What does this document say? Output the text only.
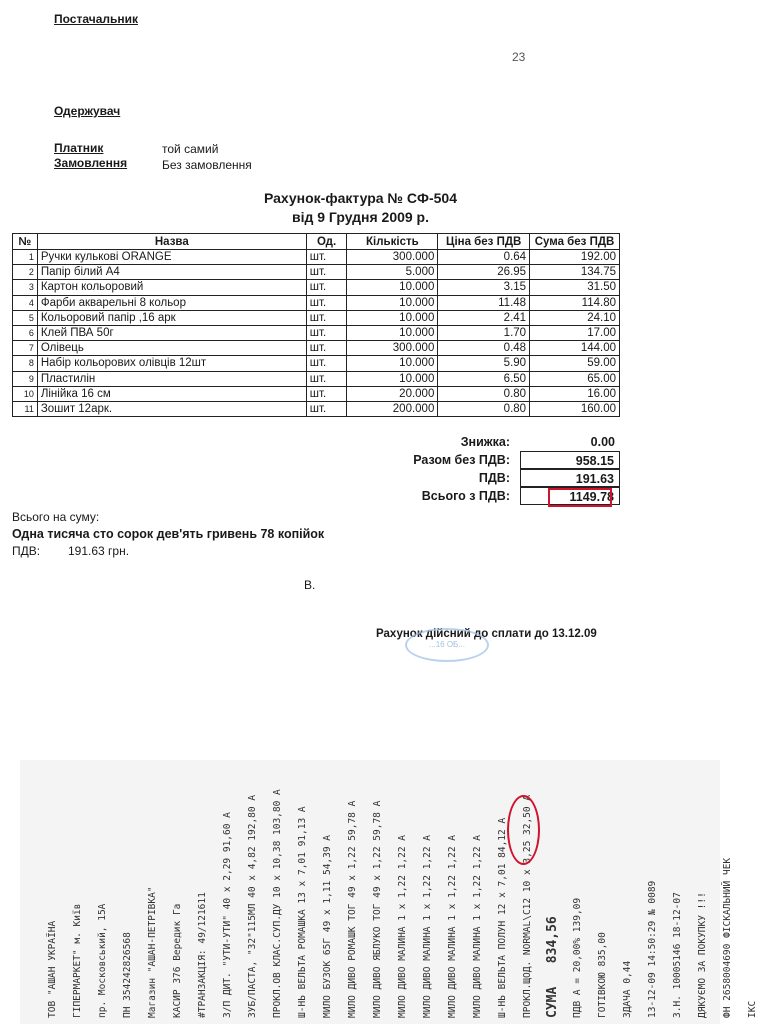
Постачальник
23
Одержувач
Платник	той самий
Замовлення	Без замовлення
Рахунок-фактура № СФ-504
від 9 Грудня 2009 р.
№	Назва	Од.	Кількість	Ціна без ПДВ	Сума без ПДВ
1	Ручки кулькові ORANGE	шт.	300.000	0.64	192.00
2	Папір білий А4	шт.	5.000	26.95	134.75
3	Картон кольоровий	шт.	10.000	3.15	31.50
4	Фарби акварельні 8 кольор	шт.	10.000	11.48	114.80
5	Кольоровий папір ,16 арк	шт.	10.000	2.41	24.10
6	Клей ПВА 50г	шт.	10.000	1.70	17.00
7	Олівець	шт.	300.000	0.48	144.00
8	Набір кольорових олівців 12шт	шт.	10.000	5.90	59.00
9	Пластилін	шт.	10.000	6.50	65.00
10	Лінійка 16 см	шт.	20.000	0.80	16.00
11	Зошит 12арк.	шт.	200.000	0.80	160.00
Знижка:	0.00
Разом без ПДВ:	958.15
ПДВ:	191.63
Всього з ПДВ:	1149.78
Всього на суму:
Одна тисяча сто сорок дев'ять гривень 78 копійок
ПДВ: 191.63 грн.
В.
Рахунок дійсний до сплати до 13.12.09
...16 ОБ...
ТОВ "АШАН УКРАЇНА	ГІПЕРМАРКЕТ" м. Київ	пр. Московський, 15А	ПН 354242826568	Магазин "АШАН-ПЕТРІВКА"	КАСИР 376 Вередик Га	#ТРАНЗАКЦІЯ: 49/121611	З/П ДИТ. "УТИ-УТИ" 40 x 2,29 91,60 А	ЗУБ/ПАСТА, "32"115МЛ 40 x 4,82 192,80 А	ПРОКЛ.ОВ КЛАС.СУП.ДУ 10 x 10,38 103,80 А	Ш-НЬ ВЕЛЬТА РОМАШКА 13 x 7,01 91,13 А	МИЛО БУЗОК 65Г 49 x 1,11 54,39 А	МИЛО ДИВО РОМАШК ТОГ 49 x 1,22 59,78 А	МИЛО ДИВО ЯБЛУКО ТОГ 49 x 1,22 59,78 А	МИЛО ДИВО МАЛИНА 1 x 1,22 1,22 А	МИЛО ДИВО МАЛИНА 1 x 1,22 1,22 А	МИЛО ДИВО МАЛИНА 1 x 1,22 1,22 А	МИЛО ДИВО МАЛИНА 1 x 1,22 1,22 А	Ш-НЬ ВЕЛЬТА ПОЛУН 12 x 7,01 84,12 А	ПРОКЛ.ЩОД. NORMAL\С12 10 x 3,25 32,50 А СУМА   834,56	ПДВ А = 20,00% 139,09	ГОТІВКОЮ 835,00	ЗДАЧА 0,44	13-12-09 14:50:29 № 0089	З.Н. 10005146 18-12-07	ДЯКУЄМО ЗА ПОКУПКУ !!!	ФН 2658004690 ФІСКАЛЬНИЙ ЧЕК	ІКС
